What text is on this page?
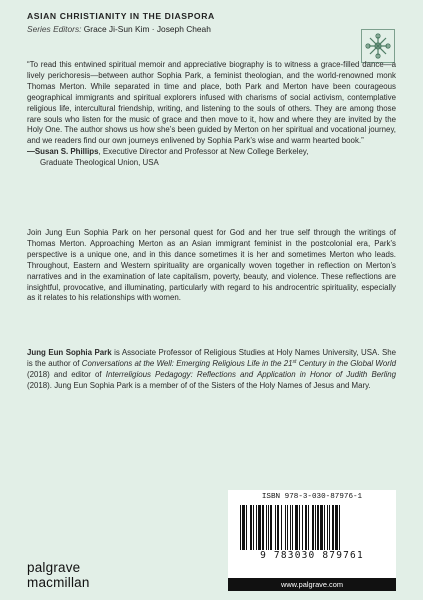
ASIAN CHRISTIANITY IN THE DIASPORA
Series Editors: Grace Ji-Sun Kim · Joseph Cheah
“To read this entwined spiritual memoir and appreciative biography is to witness a grace-filled dance—a lively perichoresis—between author Sophia Park, a feminist theologian, and the world-renowned monk Thomas Merton. While separated in time and place, both Park and Merton have been courageous geographical immigrants and spiritual explorers infused with charisms of social activism, contemplative religious life, intercultural friendship, writing, and listening to the souls of others. They are among those rare souls who listen for the music of grace and then move to it, how and where they are invited by the Holy One. The author shows us how she’s been guided by Merton on her spiritual and vocational journey, and we readers find our own journeys enlivened by Sophia Park’s wise and warm hearted book.”
—Susan S. Phillips, Executive Director and Professor at New College Berkeley,
Graduate Theological Union, USA
Join Jung Eun Sophia Park on her personal quest for God and her true self through the writings of Thomas Merton. Approaching Merton as an Asian immigrant feminist in the postcolonial era, Park’s perspective is a unique one, and in this dance sometimes it is her and sometimes Merton who leads. Throughout, Eastern and Western spirituality are organically woven together in reflection on Merton’s narratives and in the examination of late capitalism, poverty, beauty, and violence. These reflections are insightful, provocative, and illuminating, particularly with regard to his androcentric spirituality, especially as it relates to his relationships with women.
Jung Eun Sophia Park is Associate Professor of Religious Studies at Holy Names University, USA. She is the author of Conversations at the Well: Emerging Religious Life in the 21st Century in the Global World (2018) and editor of Interreligious Pedagogy: Reflections and Application in Honor of Judith Berling (2018). Jung Eun Sophia Park is a member of of the Sisters of the Holy Names of Jesus and Mary.
ISBN 978-3-030-87976-1
9 783030 879761
www.palgrave.com
palgrave
macmillan
